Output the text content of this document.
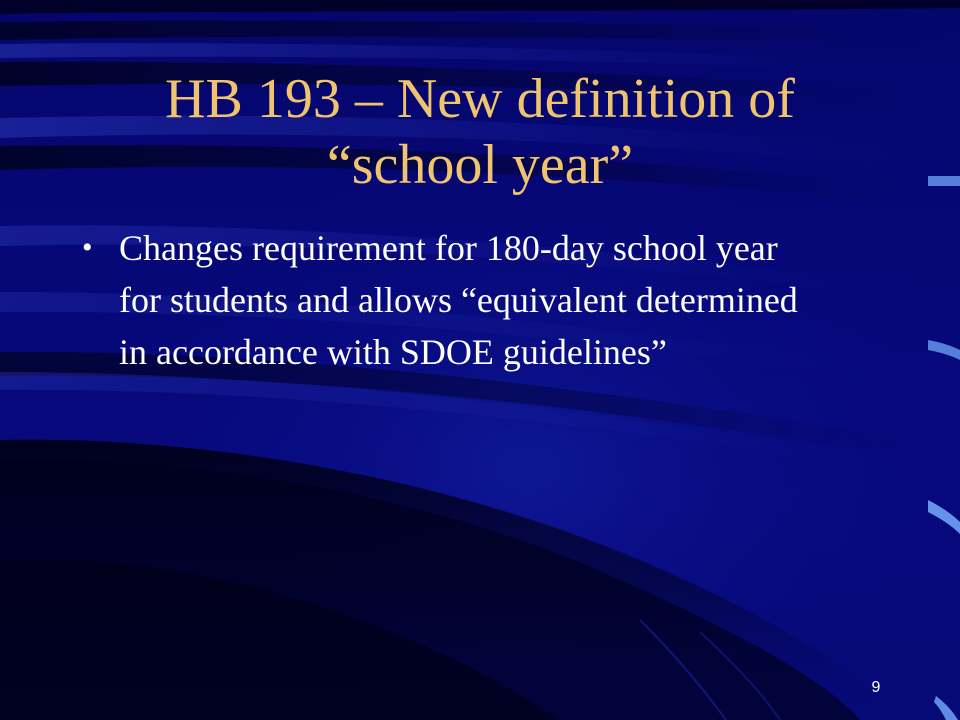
HB 193 – New definition of
“school year”
• Changes requirement for 180-day school year for students and allows “equivalent determined in accordance with SDOE guidelines”
9
